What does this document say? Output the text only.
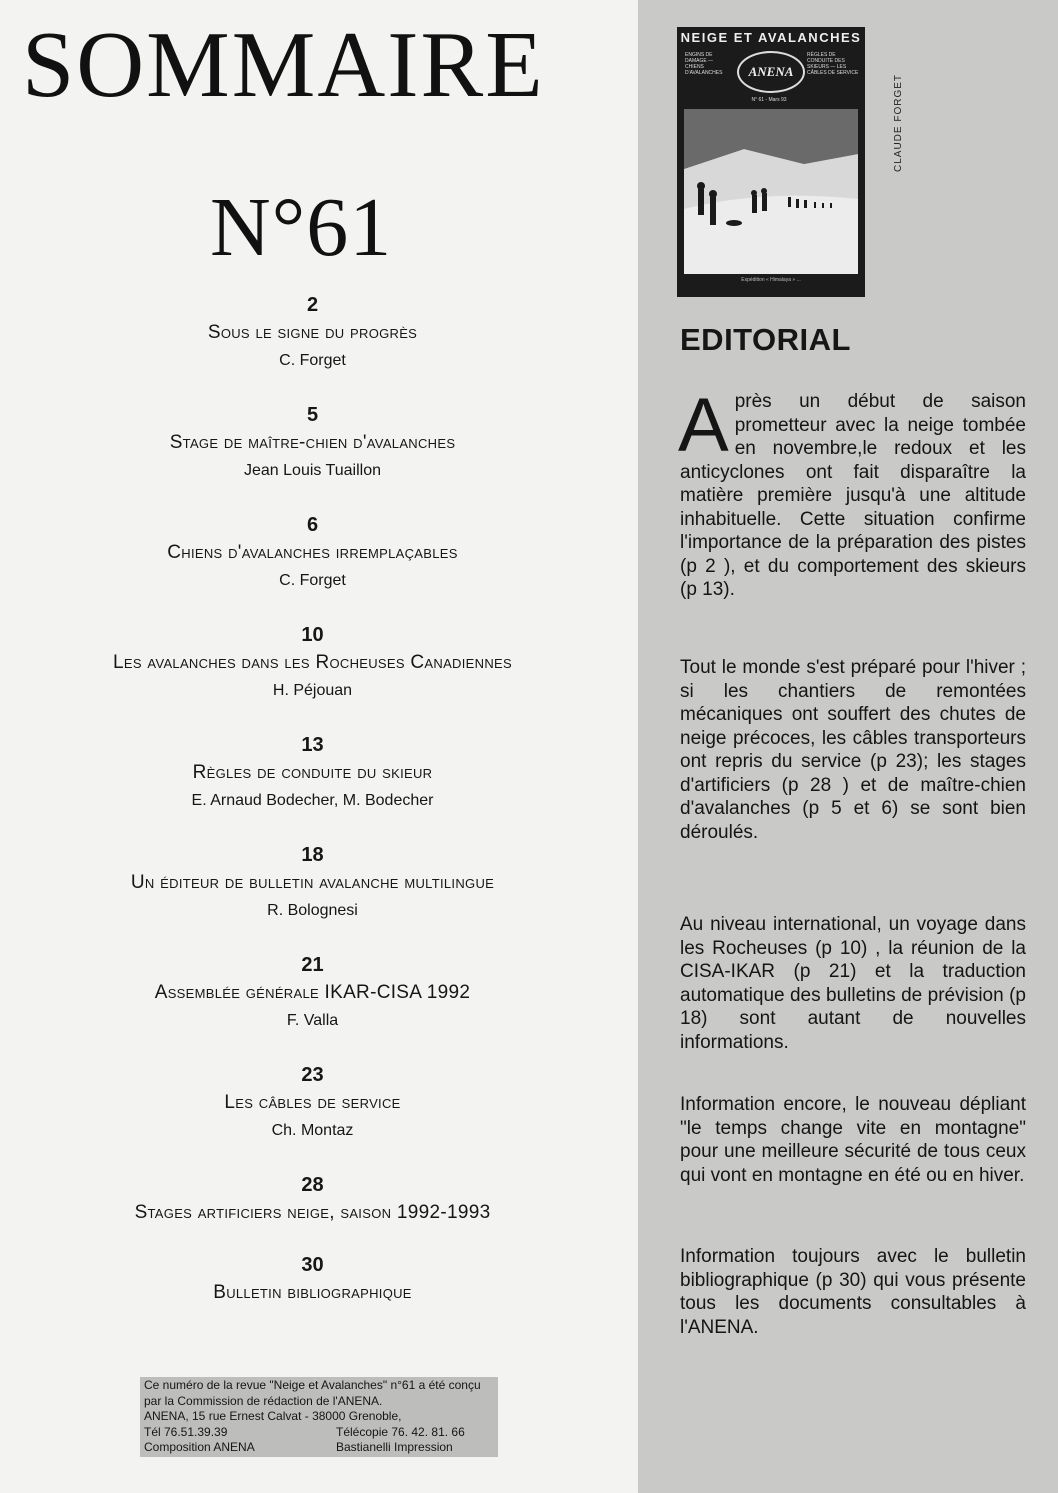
SOMMAIRE
N°61
2
Sous le signe du progrès
C. Forget
5
Stage de maître-chien d'avalanches
Jean Louis Tuaillon
6
Chiens d'avalanches irremplaçables
C. Forget
10
Les avalanches dans les Rocheuses Canadiennes
H. Péjouan
13
Règles de conduite du skieur
E. Arnaud Bodecher, M. Bodecher
18
Un éditeur de bulletin avalanche multilingue
R. Bolognesi
21
Assemblée générale IKAR-CISA 1992
F. Valla
23
Les câbles de service
Ch. Montaz
28
Stages artificiers neige, saison 1992-1993
30
Bulletin bibliographique
Ce numéro de la revue "Neige et Avalanches" n°61 a été conçu
par la Commission de rédaction de l'ANENA.
ANENA, 15 rue Ernest Calvat - 38000 Grenoble,
Tél 76.51.39.39	Télécopie 76. 42. 81. 66
Composition ANENA	Bastianelli Impression
NEIGE ET AVALANCHES
ENGINS DE DAMAGE — CHIENS D'AVALANCHES	ANENA
RÈGLES DE CONDUITE DES SKIEURS — LES CÂBLES DE SERVICE
N° 61 - Mars 93
Expédition « Himalaya » ...
CLAUDE FORGET
EDITORIAL
Après un début de saison prometteur avec la neige tombée en novembre,le redoux et les anticyclones ont fait disparaître la matière première jusqu'à une altitude inhabituelle. Cette situation confirme l'importance de la préparation des pistes (p 2 ), et du comportement des skieurs (p 13).
Tout le monde s'est préparé pour l'hiver ; si les chantiers de remontées mécaniques ont souffert des chutes de neige précoces, les câbles transporteurs ont repris du service (p 23); les stages d'artificiers (p 28 ) et de maître-chien d'avalanches (p 5 et 6) se sont bien déroulés.
Au niveau international, un voyage dans les Rocheuses (p 10) , la réunion de la CISA-IKAR (p 21) et la traduction automatique des bulletins de prévision (p 18) sont autant de nouvelles informations.
Information encore, le nouveau dépliant "le temps change vite en montagne" pour une meilleure sécurité de tous ceux qui vont en montagne en été ou en hiver.
Information toujours avec le bulletin bibliographique (p 30) qui vous présente tous les documents consultables à l'ANENA.
